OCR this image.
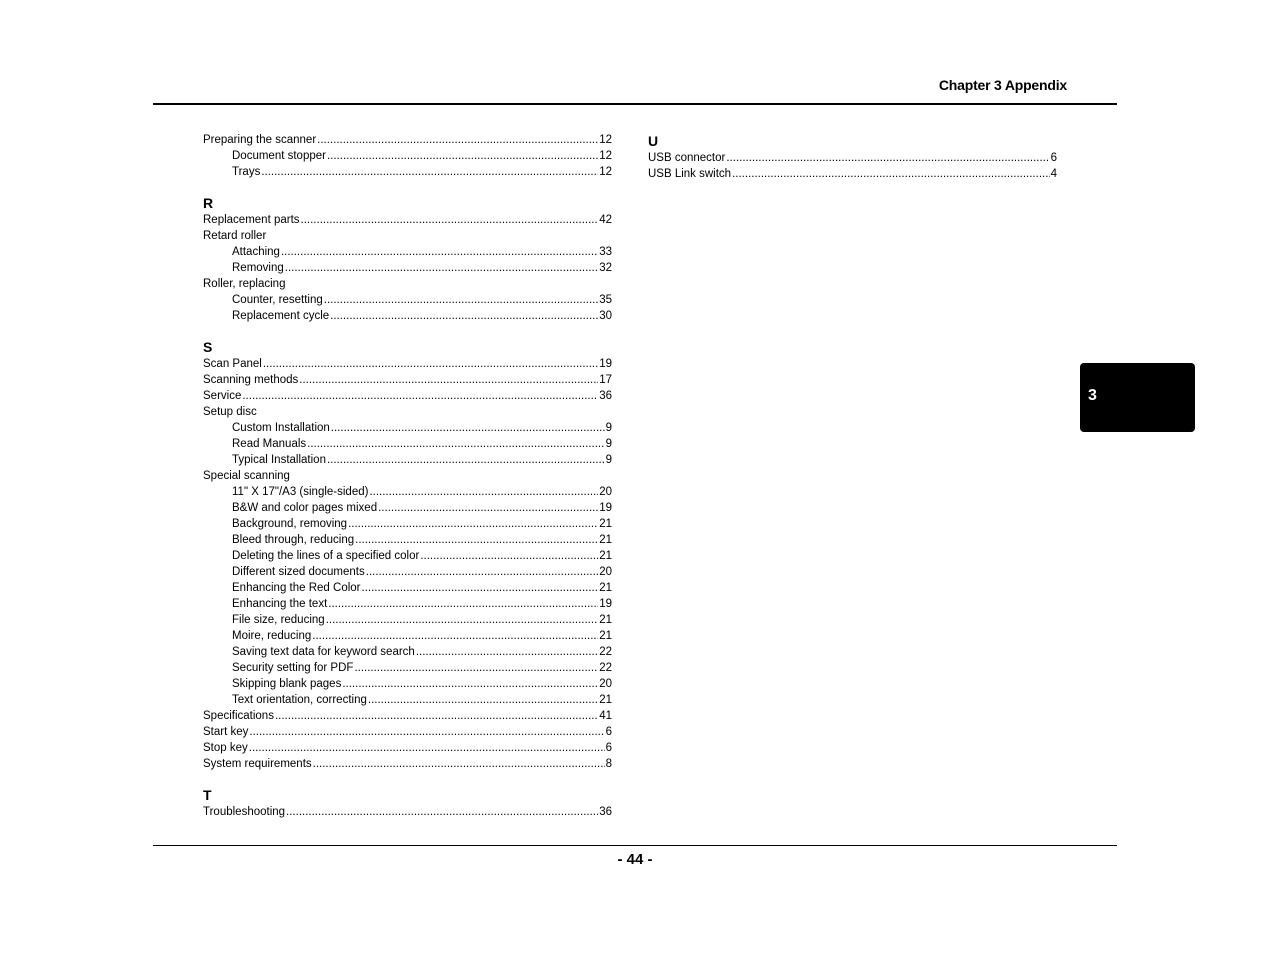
Chapter 3 Appendix
Preparing the scanner .....	12
Document stopper .....	12
Trays .....	12
R
Replacement parts .....	42
Retard roller
Attaching .....	33
Removing .....	32
Roller, replacing
Counter, resetting .....	35
Replacement cycle .....	30
S
Scan Panel .....	19
Scanning methods .....	17
Service .....	36
Setup disc
Custom Installation .....	9
Read Manuals .....	9
Typical Installation .....	9
Special scanning
11" X 17"/A3 (single-sided) .....	20
B&W and color pages mixed .....	19
Background, removing .....	21
Bleed through, reducing .....	21
Deleting the lines of a specified color .....	21
Different sized documents .....	20
Enhancing the Red Color .....	21
Enhancing the text .....	19
File size, reducing .....	21
Moire, reducing .....	21
Saving text data for keyword search .....	22
Security setting for PDF .....	22
Skipping blank pages .....	20
Text orientation, correcting .....	21
Specifications .....	41
Start key .....	6
Stop key .....	6
System requirements .....	8
T
Troubleshooting .....	36
U
USB connector .....	6
USB Link switch .....	4
3
- 44 -
